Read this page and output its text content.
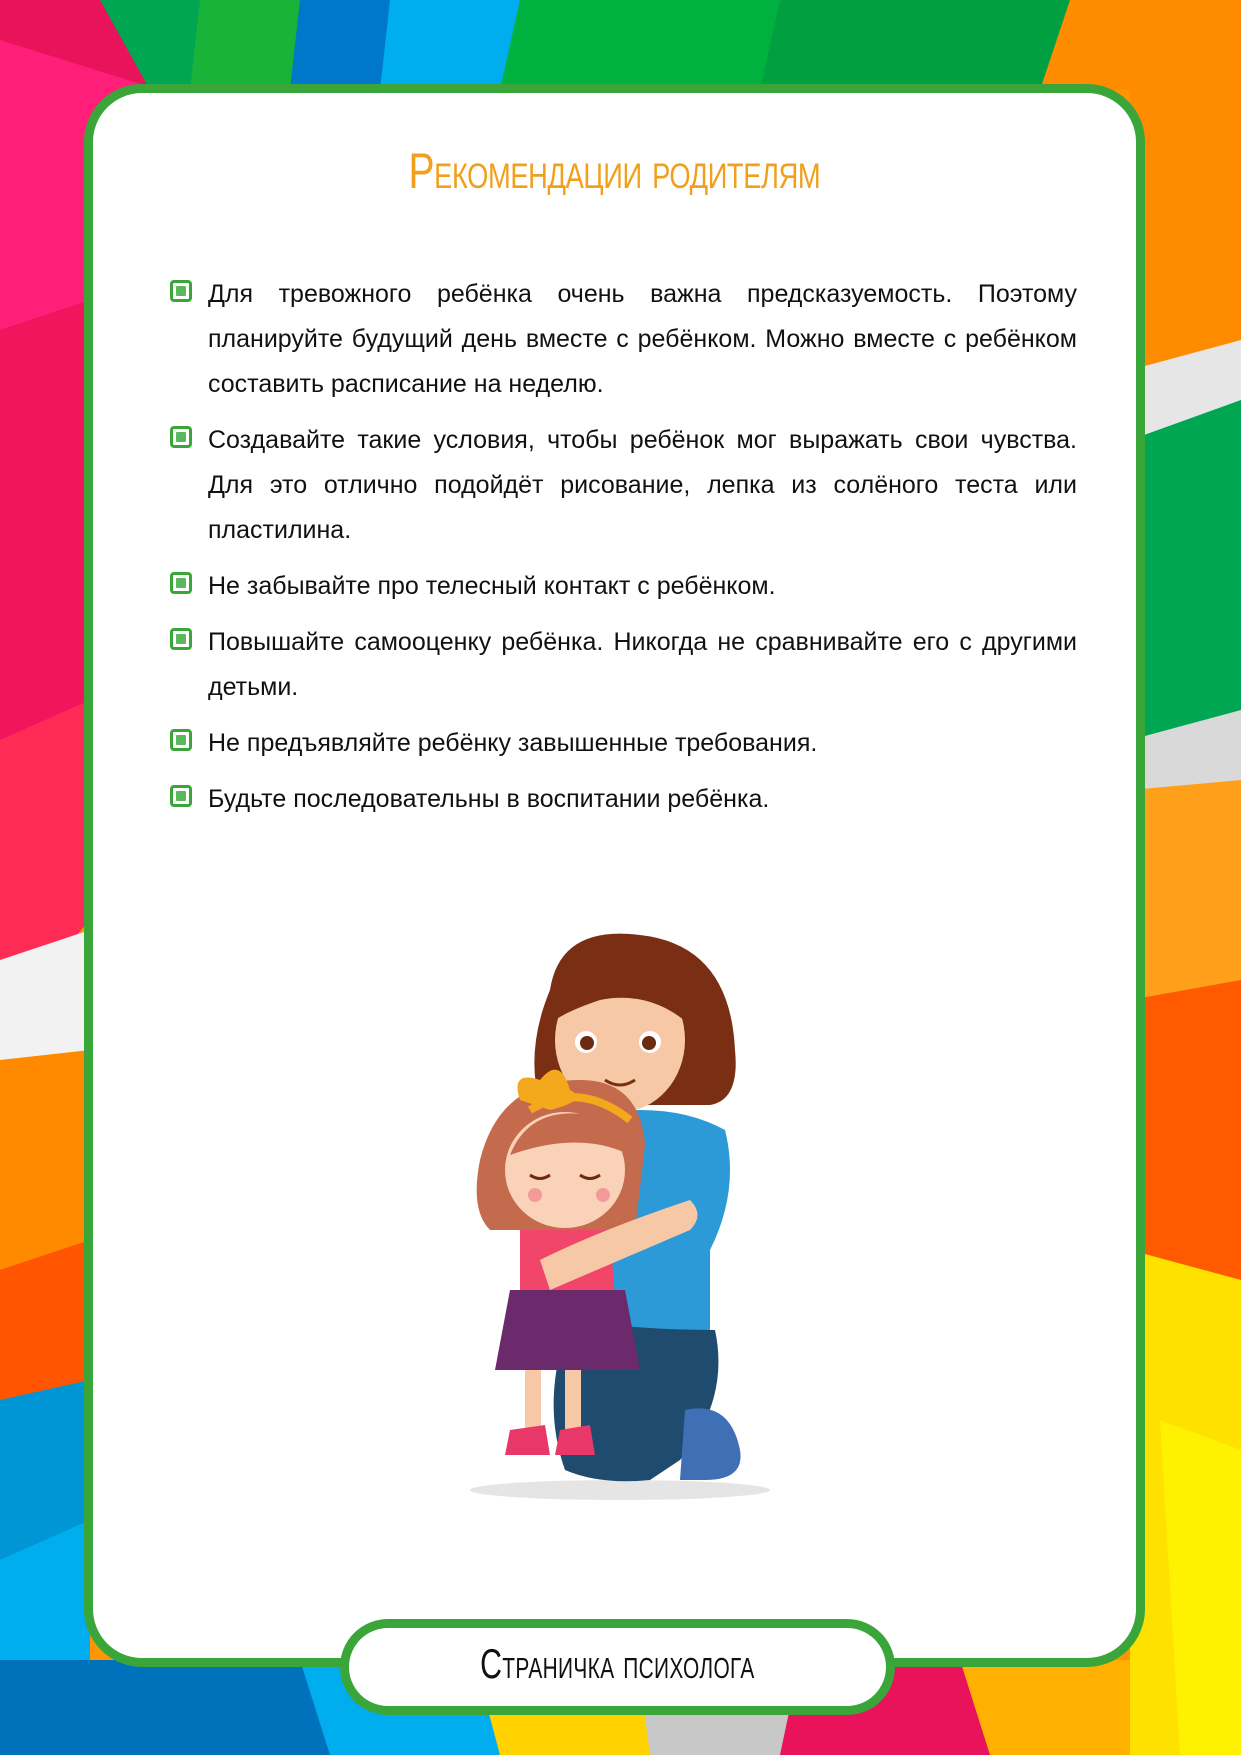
Рекомендации родителям
Для тревожного ребёнка очень важна предсказуемость. Поэтому планируйте будущий день вместе с ребёнком. Можно вместе с ребёнком составить расписание на неделю.
Создавайте такие условия, чтобы ребёнок мог выражать свои чувства. Для это отлично подойдёт рисование, лепка из солёного теста или пластилина.
Не забывайте про телесный контакт с ребёнком.
Повышайте самооценку ребёнка. Никогда не сравнивайте его с другими детьми.
Не предъявляйте ребёнку завышенные требования.
Будьте последовательны в воспитании ребёнка.

Страничка психолога
